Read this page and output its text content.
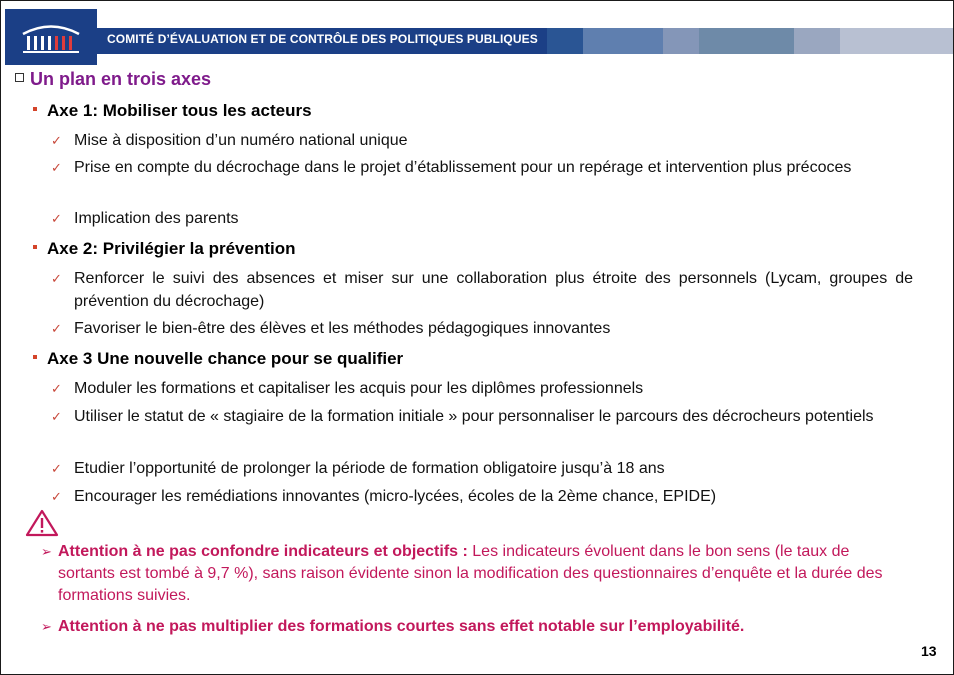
COMITÉ D’ÉVALUATION ET DE CONTRÔLE DES POLITIQUES PUBLIQUES
Un plan en trois axes
Axe 1: Mobiliser tous les acteurs
✓ Mise à disposition d’un numéro national unique
✓ Prise en compte du décrochage dans le projet d’établissement pour un repérage et intervention plus précoces
✓ Implication des parents
Axe 2: Privilégier la prévention
✓ Renforcer le suivi des absences et miser sur une collaboration plus étroite des personnels (Lycam, groupes de prévention du décrochage)
✓ Favoriser le bien-être des élèves et les méthodes pédagogiques innovantes
Axe 3 Une nouvelle chance pour se qualifier
✓ Moduler les formations et capitaliser les acquis pour les diplômes professionnels
✓ Utiliser le statut de « stagiaire de la formation initiale » pour personnaliser le parcours des décrocheurs potentiels
✓ Etudier l’opportunité de prolonger la période de formation obligatoire jusqu’à 18 ans
✓ Encourager les remédiations innovantes (micro-lycées, écoles de la 2ème chance, EPIDE)
➢ Attention à ne pas confondre indicateurs et objectifs : Les indicateurs évoluent dans le bon sens (le taux de sortants est tombé à 9,7 %), sans raison évidente sinon la modification des questionnaires d’enquête et la durée des formations suivies.
➢ Attention à ne pas multiplier des formations courtes sans effet notable sur l’employabilité.
13
